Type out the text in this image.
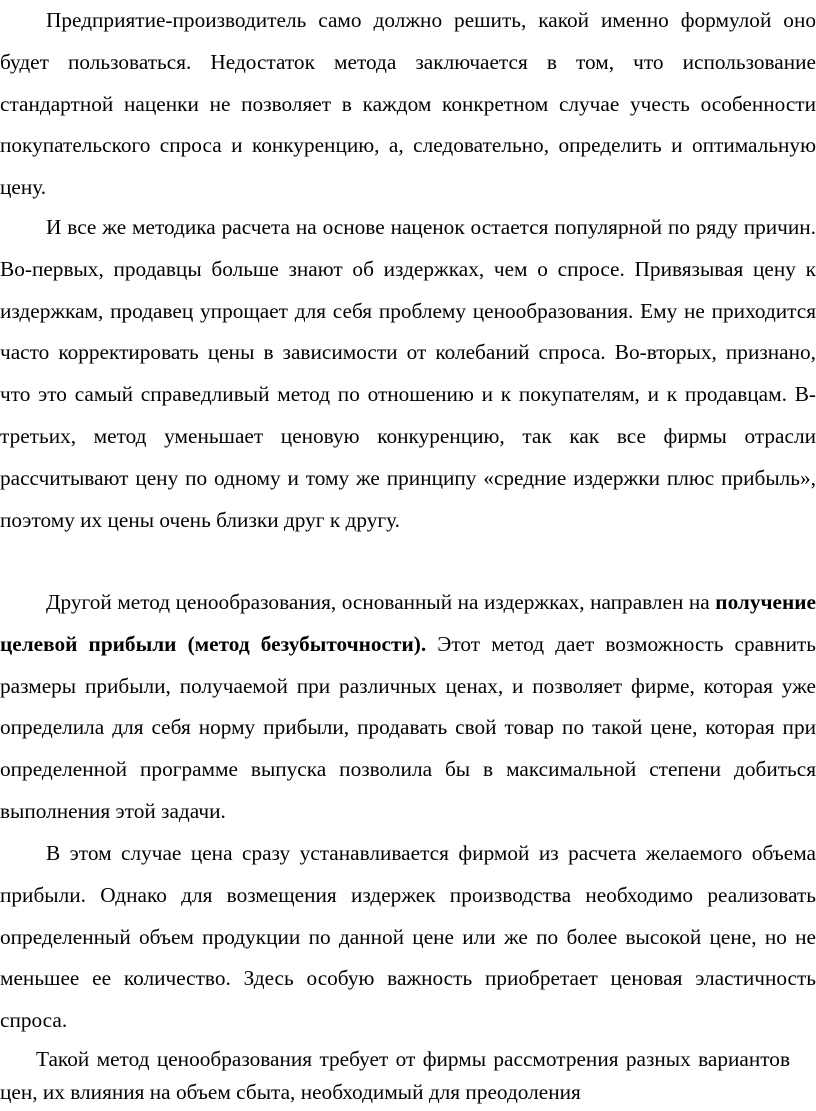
Предприятие-производитель само должно решить, какой именно формулой оно будет пользоваться. Недостаток метода заключается в том, что использование стандартной наценки не позволяет в каждом конкретном случае учесть особенности покупательского спроса и конкуренцию, а, следовательно, определить и оптимальную цену.

И все же методика расчета на основе наценок остается популярной по ряду причин. Во-первых, продавцы больше знают об издержках, чем о спросе. Привязывая цену к издержкам, продавец упрощает для себя проблему ценообразования. Ему не приходится часто корректировать цены в зависимости от колебаний спроса. Во-вторых, признано, что это самый справедливый метод по отношению и к покупателям, и к продавцам. В-третьих, метод уменьшает ценовую конкуренцию, так как все фирмы отрасли рассчитывают цену по одному и тому же принципу «средние издержки плюс прибыль», поэтому их цены очень близки друг к другу.

Другой метод ценообразования, основанный на издержках, направлен на получение целевой прибыли (метод безубыточности). Этот метод дает возможность сравнить размеры прибыли, получаемой при различных ценах, и позволяет фирме, которая уже определила для себя норму прибыли, продавать свой товар по такой цене, которая при определенной программе выпуска позволила бы в максимальной степени добиться выполнения этой задачи.

В этом случае цена сразу устанавливается фирмой из расчета желаемого объема прибыли. Однако для возмещения издержек производства необходимо реализовать определенный объем продукции по данной цене или же по более высокой цене, но не меньшее ее количество. Здесь особую важность приобретает ценовая эластичность спроса.

Такой метод ценообразования требует от фирмы рассмотрения разных вариантов цен, их влияния на объем сбыта, необходимый для преодоления
